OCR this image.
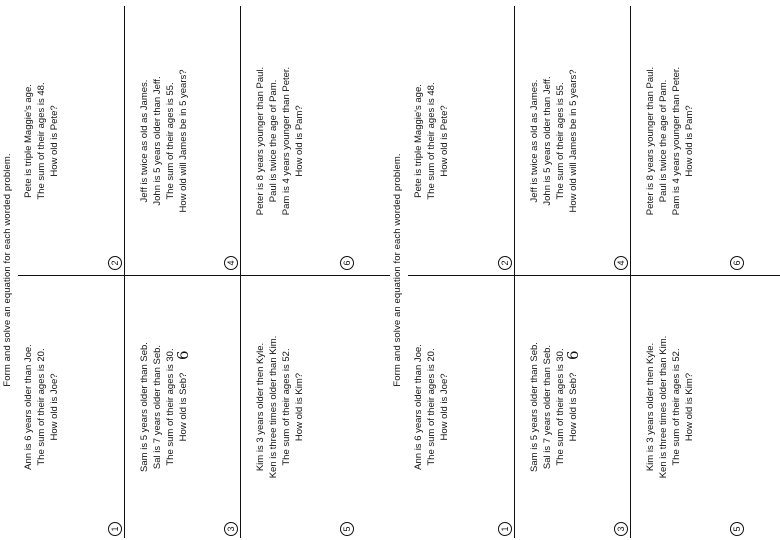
Form and solve an equation for each worded problem.
Ann is 6 years older than Joe. The sum of their ages is 20. How old is Joe?
1
Pete is triple Maggie's age. The sum of their ages is 48. How old is Pete?
2
Sam is 5 years older than Seb. Sal is 7 years older than Seb. The sum of their ages is 30. How old is Seb?
6
3
Jeff is twice as old as James. John is 5 years older than Jeff. The sum of their ages is 55. How old will James be in 5 years?
4
Kim is 3 years older then Kyle. Ken is three times older than Kim. The sum of their ages is 52. How old is Kim?
5
Peter is 8 years younger than Paul. Paul is twice the age of Pam. Pam is 4 years younger than Peter. How old is Pam?
6	Form and solve an equation for each worded problem.
Ann is 6 years older than Joe. The sum of their ages is 20. How old is Joe?
1
Pete is triple Maggie's age. The sum of their ages is 48. How old is Pete?
2
Sam is 5 years older than Seb. Sal is 7 years older than Seb. The sum of their ages is 30. How old is Seb?
6
3
Jeff is twice as old as James. John is 5 years older than Jeff. The sum of their ages is 55. How old will James be in 5 years?
4
Kim is 3 years older then Kyle. Ken is three times older than Kim. The sum of their ages is 52. How old is Kim?
5
Peter is 8 years younger than Paul. Paul is twice the age of Pam. Pam is 4 years younger than Peter. How old is Pam?
6
